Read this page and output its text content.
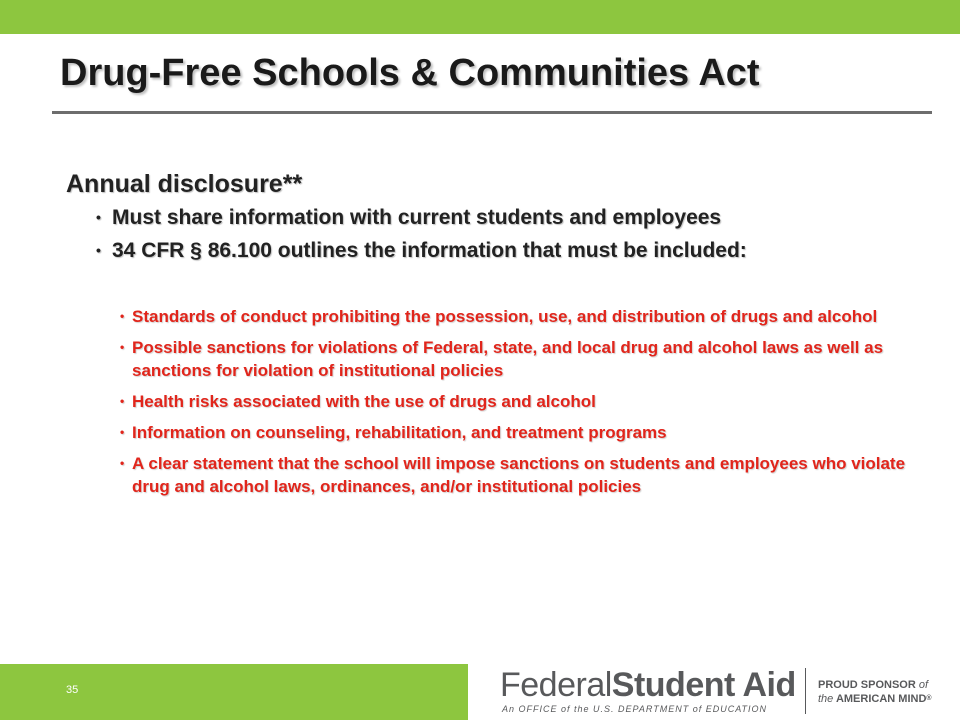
Drug-Free Schools & Communities Act
Annual disclosure**
• Must share information with current students and employees
• 34 CFR § 86.100 outlines the information that must be included:
• Standards of conduct prohibiting the possession, use, and distribution of drugs and alcohol
• Possible sanctions for violations of Federal, state, and local drug and alcohol laws as well as sanctions for violation of institutional policies
• Health risks associated with the use of drugs and alcohol
• Information on counseling, rehabilitation, and treatment programs
• A clear statement that the school will impose sanctions on students and employees who violate drug and alcohol laws, ordinances, and/or institutional policies
35	FederalStudent Aid
An OFFICE of the U.S. DEPARTMENT of EDUCATION
PROUD SPONSOR of
the AMERICAN MIND®
